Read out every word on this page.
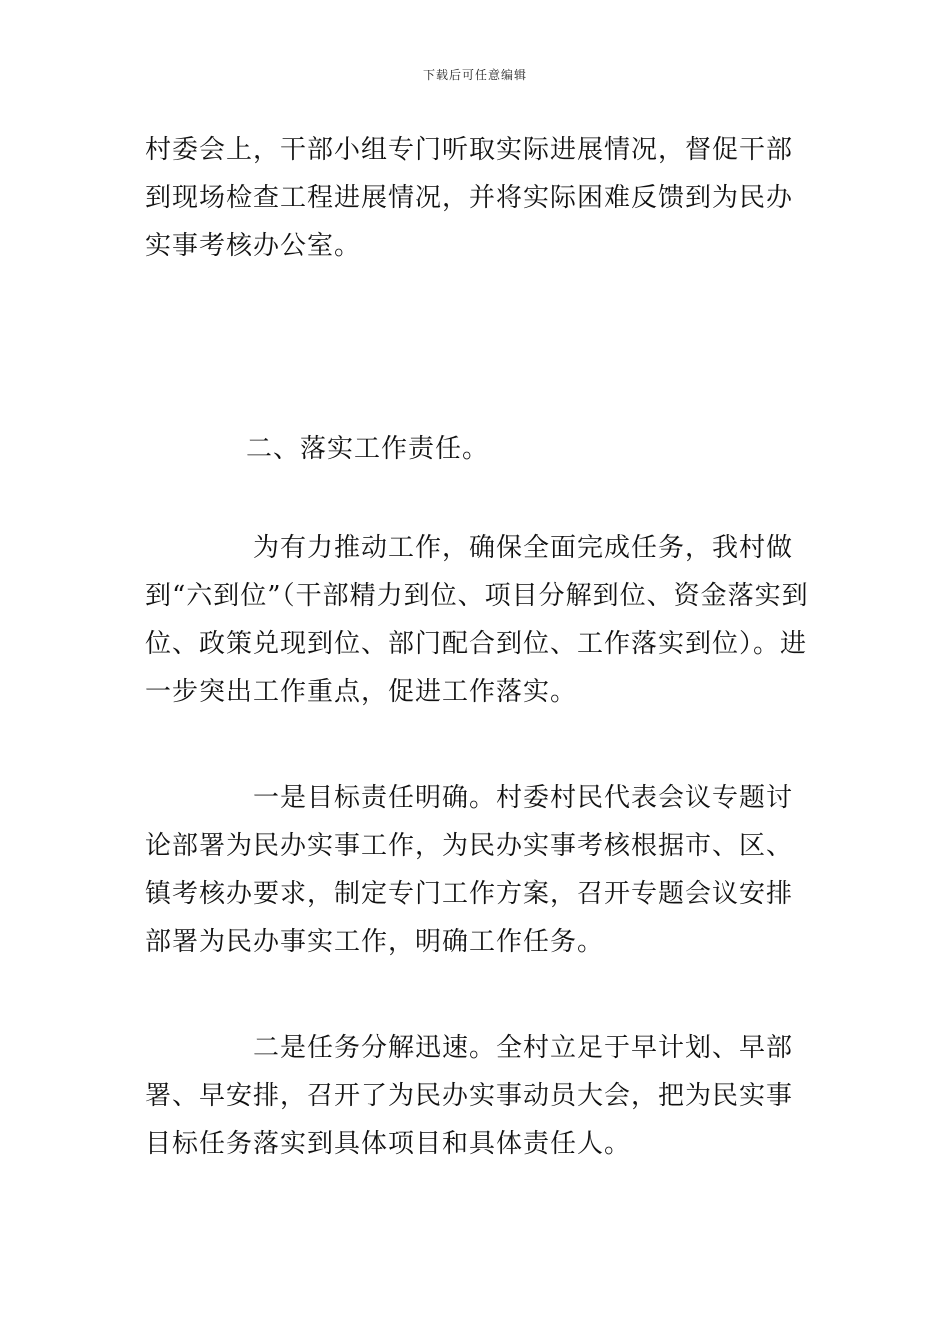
下载后可任意编辑

村委会上，干部小组专门听取实际进展情况，督促干部到现场检查工程进展情况，并将实际困难反馈到为民办实事考核办公室。

二、落实工作责任。

为有力推动工作，确保全面完成任务，我村做到“六到位”（干部精力到位、项目分解到位、资金落实到位、政策兑现到位、部门配合到位、工作落实到位）。进一步突出工作重点，促进工作落实。

一是目标责任明确。村委村民代表会议专题讨论部署为民办实事工作，为民办实事考核根据市、区、镇考核办要求，制定专门工作方案，召开专题会议安排部署为民办事实工作，明确工作任务。

二是任务分解迅速。全村立足于早计划、早部署、早安排，召开了为民办实事动员大会，把为民实事目标任务落实到具体项目和具体责任人。
